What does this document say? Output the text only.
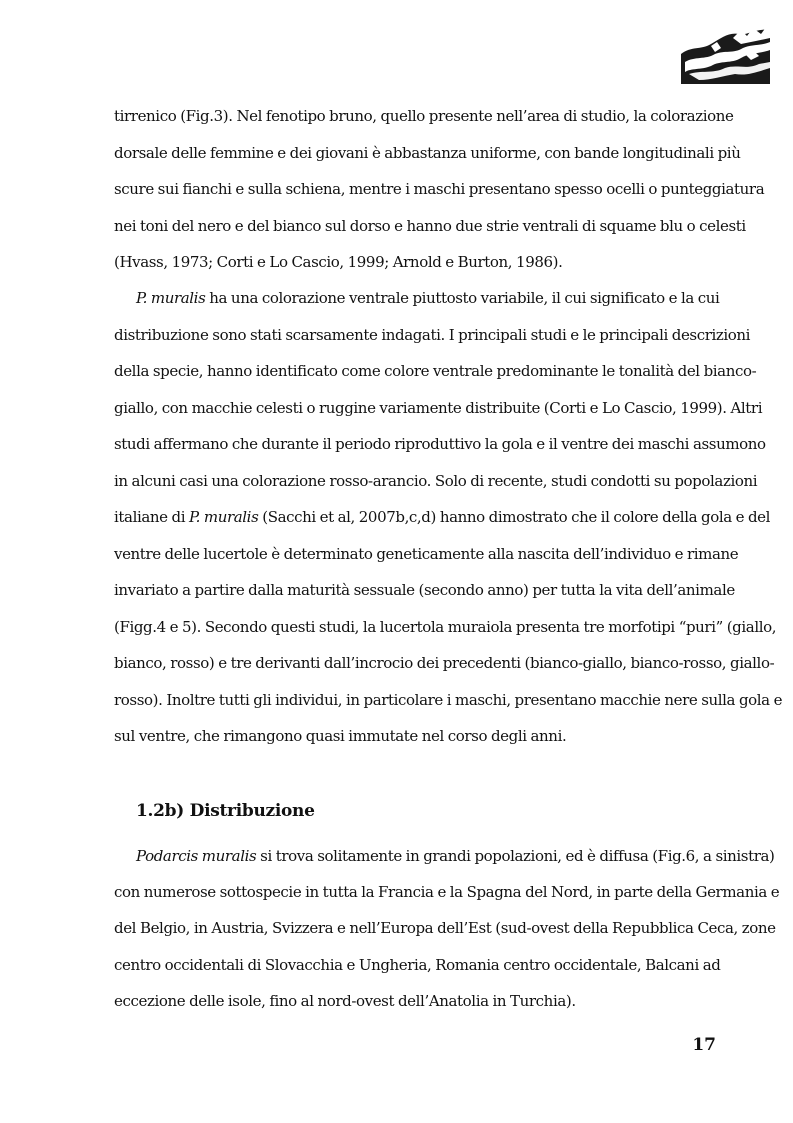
tirrenico (Fig.3). Nel fenotipo bruno, quello presente nell’area di studio, la colorazione
dorsale delle femmine e dei giovani è abbastanza uniforme, con bande longitudinali più
scure sui fianchi e sulla schiena, mentre i maschi presentano spesso ocelli o punteggiatura
nei toni del nero e del bianco sul dorso e hanno due strie ventrali di squame blu o celesti
(Hvass, 1973; Corti e Lo Cascio, 1999; Arnold e Burton, 1986).
P. muralis ha una colorazione ventrale piuttosto variabile, il cui significato e la cui
distribuzione sono stati scarsamente indagati. I principali studi e le principali descrizioni
della specie, hanno identificato come colore ventrale predominante le tonalità del bianco-
giallo, con macchie celesti o ruggine variamente distribuite (Corti e Lo Cascio, 1999). Altri
studi affermano che durante il periodo riproduttivo la gola e il ventre dei maschi assumono
in alcuni casi una colorazione rosso-arancio. Solo di recente, studi condotti su popolazioni
italiane di P. muralis (Sacchi et al, 2007b,c,d) hanno dimostrato che il colore della gola e del
ventre delle lucertole è determinato geneticamente alla nascita dell’individuo e rimane
invariato a partire dalla maturità sessuale (secondo anno) per tutta la vita dell’animale
(Figg.4 e 5). Secondo questi studi, la lucertola muraiola presenta tre morfotipi “puri” (giallo,
bianco, rosso) e tre derivanti dall’incrocio dei precedenti (bianco-giallo, bianco-rosso, giallo-
rosso). Inoltre tutti gli individui, in particolare i maschi, presentano macchie nere sulla gola e
sul ventre, che rimangono quasi immutate nel corso degli anni.
1.2b) Distribuzione
Podarcis muralis si trova solitamente in grandi popolazioni, ed è diffusa (Fig.6, a sinistra)
con numerose sottospecie in tutta la Francia e la Spagna del Nord, in parte della Germania e
del Belgio, in Austria, Svizzera e nell’Europa dell’Est (sud-ovest della Repubblica Ceca, zone
centro occidentali di Slovacchia e Ungheria, Romania centro occidentale, Balcani ad
eccezione delle isole, fino al nord-ovest dell’Anatolia in Turchia).
17
